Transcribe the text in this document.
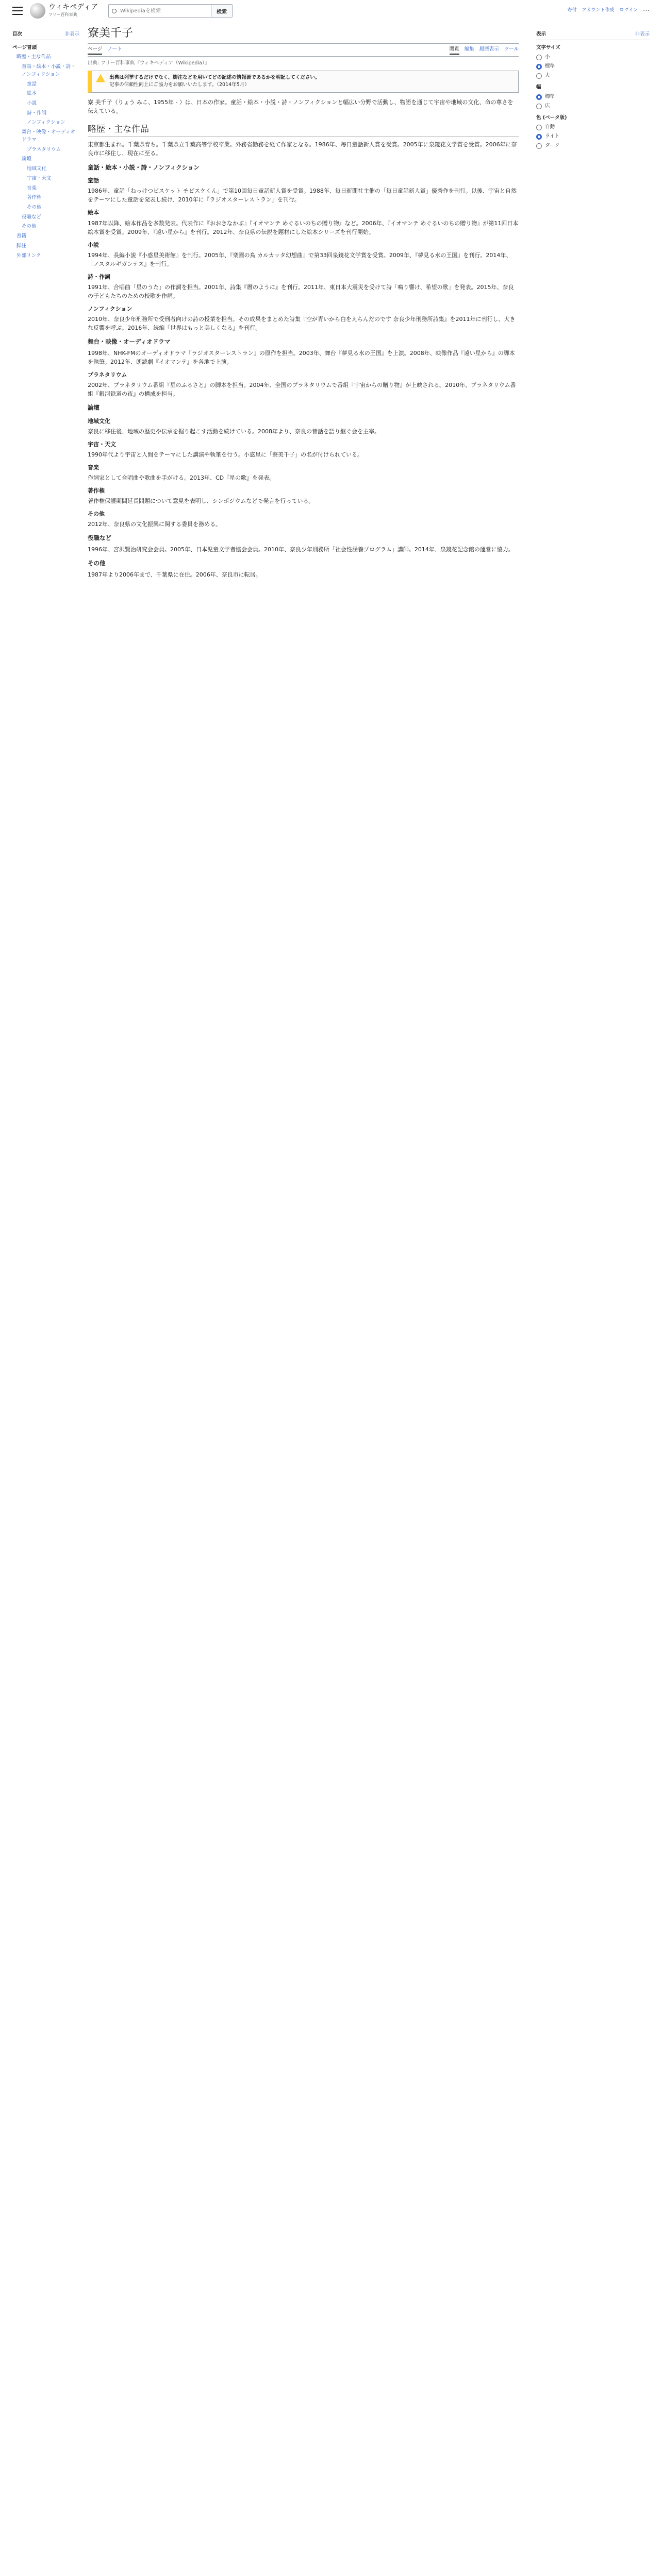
ウィキペディア
フリー百科事典
Wikipediaを検索	検索	寄付 アカウント作成 ログイン ⋯
目次	非表示
ページ冒頭
略歴・主な作品
童話・絵本・小説・詩・ノンフィクション
童話
絵本
小説
詩・作詞
ノンフィクション
舞台・映像・オーディオドラマ
プラネタリウム
論壇
地域文化
宇宙・天文
音楽
著作権
その他
役職など
その他
書籍
脚注
外部リンク
寮美千子
ページ ノート	閲覧 編集 履歴表示 ツール
出典: フリー百科事典『ウィキペディア（Wikipedia）』
出典は列挙するだけでなく、脚注などを用いてどの記述の情報源であるかを明記してください。
記事の信頼性向上にご協力をお願いいたします。（2014年5月）

寮 美千子（りょう みこ、1955年 - ）は、日本の作家。童話・絵本・小説・詩・ノンフィクションと幅広い分野で活動し、物語を通じて宇宙や地域の文化、命の尊さを伝えている。

略歴・主な作品

東京都生まれ。千葉県育ち。千葉県立千葉高等学校卒業。外務省勤務を経て作家となる。1986年、毎日童話新人賞を受賞。2005年に泉鏡花文学賞を受賞。2006年に奈良市に移住し、現在に至る。

童話・絵本・小説・詩・ノンフィクション
童話

1986年、童話「ねっけつビスケット チビスケくん」で第10回毎日童話新人賞を受賞。1988年、毎日新聞社主催の「毎日童話新人賞」優秀作を刊行。以後、宇宙と自然をテーマにした童話を発表し続け、2010年に『ラジオスターレストラン』を刊行。

絵本

1987年以降、絵本作品を多数発表。代表作に『おおきなかぶ』『イオマンテ めぐるいのちの贈り物』など。2006年、『イオマンテ めぐるいのちの贈り物』が第11回日本絵本賞を受賞。2009年、『遠い星から』を刊行。2012年、奈良県の伝説を題材にした絵本シリーズを刊行開始。

小説

1994年、長編小説『小惑星美術館』を刊行。2005年、『楽園の鳥 カルカッタ幻想曲』で第33回泉鏡花文学賞を受賞。2009年、『夢見る水の王国』を刊行。2014年、『ノスタルギガンテス』を刊行。

詩・作詞

1991年、合唱曲「星のうた」の作詞を担当。2001年、詩集『暦のように』を刊行。2011年、東日本大震災を受けて詩「鳴り響け、希望の歌」を発表。2015年、奈良の子どもたちのための校歌を作詞。

ノンフィクション

2010年、奈良少年刑務所で受刑者向けの詩の授業を担当。その成果をまとめた詩集『空が青いから白をえらんだのです 奈良少年刑務所詩集』を2011年に刊行し、大きな反響を呼ぶ。2016年、続編『世界はもっと美しくなる』を刊行。

舞台・映像・オーディオドラマ

1998年、NHK-FMのオーディオドラマ『ラジオスターレストラン』の原作を担当。2003年、舞台『夢見る水の王国』を上演。2008年、映像作品『遠い星から』の脚本を執筆。2012年、朗読劇『イオマンテ』を各地で上演。

プラネタリウム

2002年、プラネタリウム番組『星のふるさと』の脚本を担当。2004年、全国のプラネタリウムで番組『宇宙からの贈り物』が上映される。2010年、プラネタリウム番組『銀河鉄道の夜』の構成を担当。

論壇
地域文化

奈良に移住後、地域の歴史や伝承を掘り起こす活動を続けている。2008年より、奈良の昔話を語り継ぐ会を主宰。

宇宙・天文

1990年代より宇宙と人間をテーマにした講演や執筆を行う。小惑星に「寮美千子」の名が付けられている。

音楽

作詞家として合唱曲や歌曲を手がける。2013年、CD『星の歌』を発表。

著作権

著作権保護期間延長問題について意見を表明し、シンポジウムなどで発言を行っている。

その他

2012年、奈良県の文化振興に関する委員を務める。

役職など

1996年、宮沢賢治研究会会員。2005年、日本児童文学者協会会員。2010年、奈良少年刑務所「社会性涵養プログラム」講師。2014年、泉鏡花記念館の運営に協力。

その他

1987年より2006年まで、千葉県に在住。2006年、奈良市に転居。

表示	非表示
文字サイズ
小
標準
大
幅
標準
広
色 (ベータ版)
自動
ライト
ダーク
